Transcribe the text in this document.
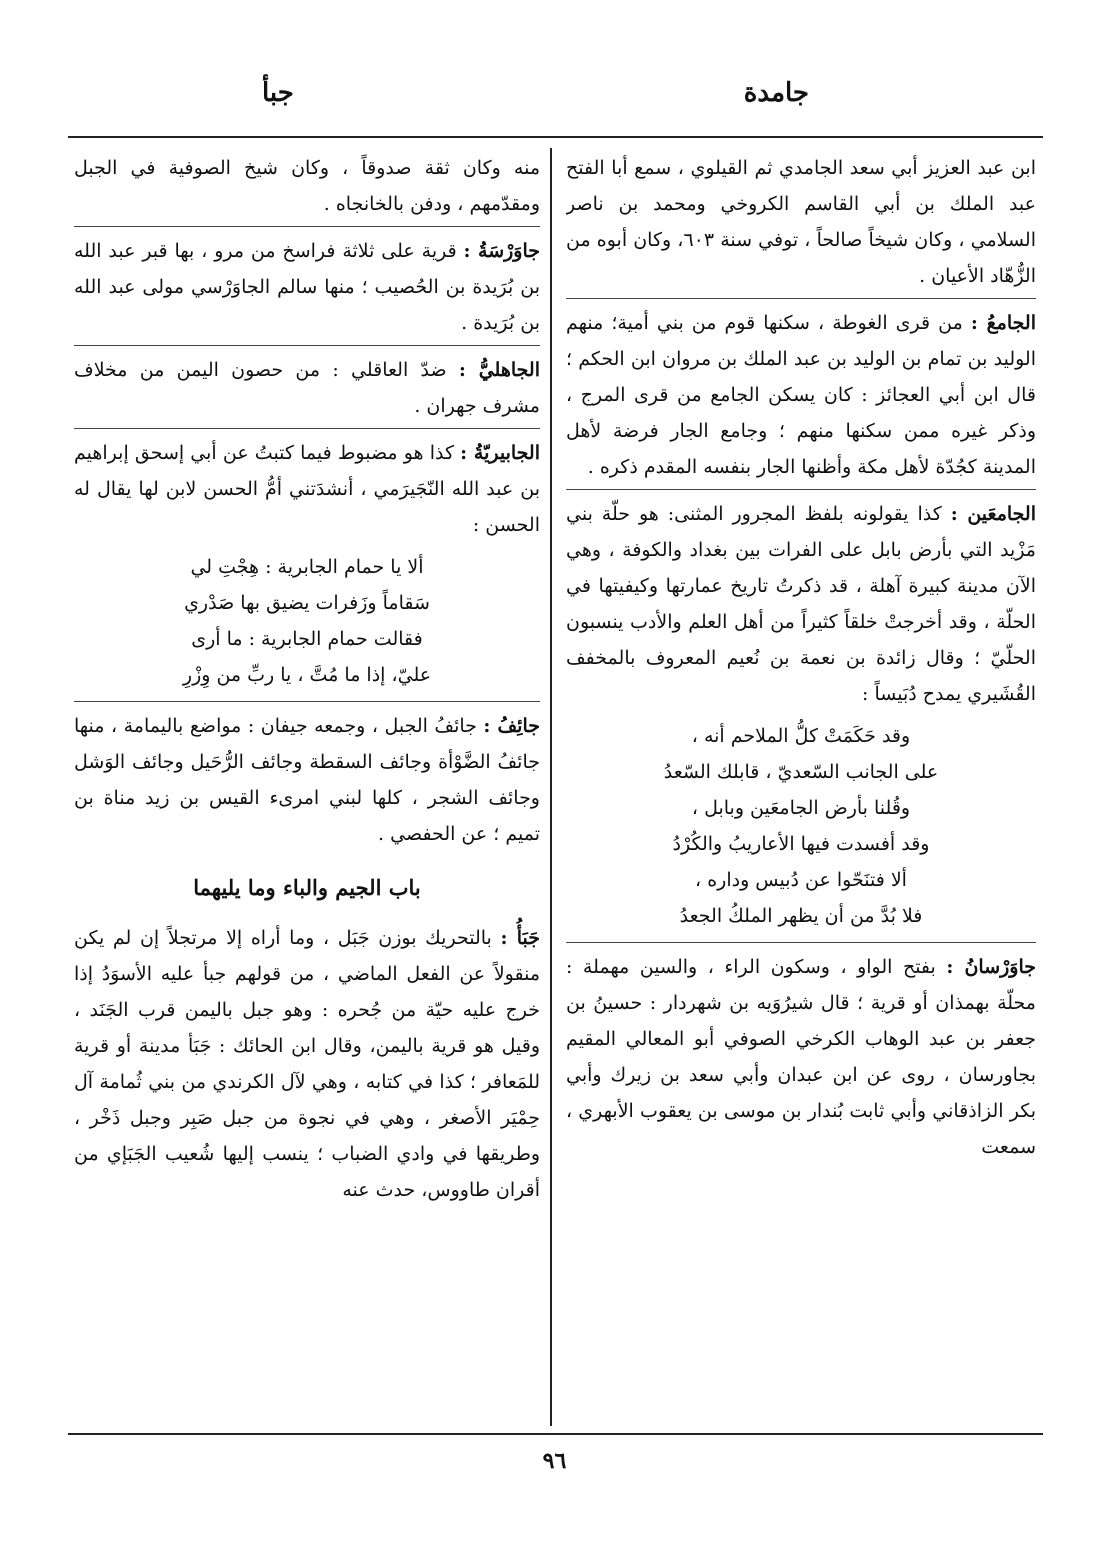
جامدة
جبأ

ابن عبد العزيز أبي سعد الجامدي ثم القيلوي ، سمع أبا الفتح عبد الملك بن أبي القاسم الكروخي ومحمد بن ناصر السلامي ، وكان شيخاً صالحاً ، توفي سنة ٦٠٣، وكان أبوه من الزُّهّاد الأعيان .

الجامعُ : من قرى الغوطة ، سكنها قوم من بني أمية؛ منهم الوليد بن تمام بن الوليد بن عبد الملك بن مروان ابن الحكم ؛ قال ابن أبي العجائز : كان يسكن الجامع من قرى المرج ، وذكر غيره ممن سكنها منهم ؛ وجامع الجار فرضة لأهل المدينة كجُدّة لأهل مكة وأظنها الجار بنفسه المقدم ذكره .

الجامعَين : كذا يقولونه بلفظ المجرور المثنى: هو حلّة بني مَزْيد التي بأرض بابل على الفرات بين بغداد والكوفة ، وهي الآن مدينة كبيرة آهلة ، قد ذكرتُ تاريخ عمارتها وكيفيتها في الحلّة ، وقد أخرجتْ خلقاً كثيراً من أهل العلم والأدب ينسبون الحلّيّ ؛ وقال زائدة بن نعمة بن نُعيم المعروف بالمخفف القُشَيري يمدح دُبَيساً :

وقد حَكَمَتْ كلُّ الملاحم أنه ،

على الجانب السّعديّ ، قابلك السّعدُ

وقُلنا بأرض الجامعَين وبابل ،

وقد أفسدت فيها الأعاريبُ والكُرْدُ

ألا فتنَحّوا عن دُبيس وداره ،

فلا بُدَّ من أن يظهر الملكُ الجعدُ

جاوَرْسانُ : بفتح الواو ، وسكون الراء ، والسين مهملة : محلّة بهمذان أو قرية ؛ قال شيرُوَيه بن شهردار : حسينُ بن جعفر بن عبد الوهاب الكرخي الصوفي أبو المعالي المقيم بجاورسان ، روى عن ابن عبدان وأبي سعد بن زيرك وأبي بكر الزاذقاني وأبي ثابت بُندار بن موسى بن يعقوب الأبهري ، سمعت

منه وكان ثقة صدوقاً ، وكان شيخ الصوفية في الجبل ومقدّمهم ، ودفن بالخانجاه .

جاوَرْسَةُ : قرية على ثلاثة فراسخ من مرو ، بها قبر عبد الله بن بُرَيدة بن الحُصيب ؛ منها سالم الجاوَرْسي مولى عبد الله بن بُرَيدة .

الجاهليُّ : ضدّ العاقلي : من حصون اليمن من مخلاف مشرف جهران .

الجابيريّةُ : كذا هو مضبوط فيما كتبتُ عن أبي إسحق إبراهيم بن عبد الله النّجَيرَمي ، أنشدَتني أمُّ الحسن لابن لها يقال له الحسن :

ألا يا حمام الجابرية : هِجْتِ لي

سَقاماً وزَفرات يضيق بها صَدْري

فقالت حمام الجابرية : ما أرى

عليّ، إذا ما مُتَّ ، يا ربِّ من وِزْرِ

جائِفُ : جائفُ الجبل ، وجمعه جيفان : مواضع باليمامة ، منها جائفُ الضَّوْأة وجائف السقطة وجائف الرُّحَيل وجائف الوَشل وجائف الشجر ، كلها لبني امرىء القيس بن زيد مناة بن تميم ؛ عن الحفصي .

باب الجيم والباء وما يليهما

جَبَأُ : بالتحريك بوزن جَبَل ، وما أراه إلا مرتجلاً إن لم يكن منقولاً عن الفعل الماضي ، من قولهم جبأ عليه الأسوَدُ إذا خرج عليه حيّة من جُحره : وهو جبل باليمن قرب الجَنَد ، وقيل هو قرية باليمن، وقال ابن الحائك : جَبَأ مدينة أو قرية للمَعافر ؛ كذا في كتابه ، وهي لآل الكرندي من بني ثُمامة آل حِمْيَر الأصغر ، وهي في نجوة من جبل صَبِر وجبل ذَخْر ، وطريقها في وادي الضباب ؛ ينسب إليها شُعيب الجَبَإي من أقران طاووس، حدث عنه

٩٦
